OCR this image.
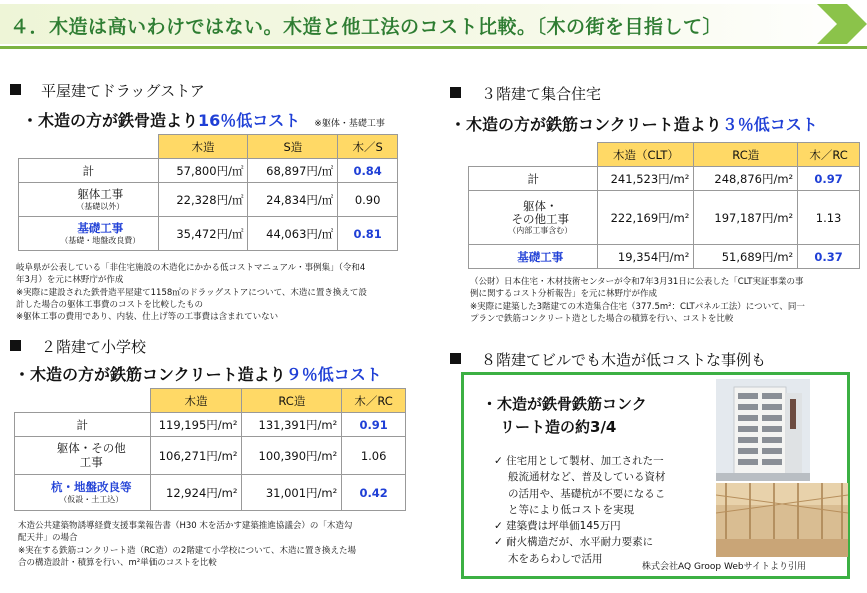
４．木造は高いわけではない。木造と他工法のコスト比較。〔木の街を目指して〕
平屋建てドラッグストア
・木造の方が鉄骨造より16％低コスト ※躯体・基礎工事
	木造	S造	木／S
計	57,800円/㎡	68,897円/㎡	0.84
躯体工事
（基礎以外）	22,328円/㎡	24,834円/㎡	0.90
基礎工事
（基礎・地盤改良費）	35,472円/㎡	44,063円/㎡	0.81
岐阜県が公表している「非住宅施設の木造化にかかる低コストマニュアル・事例集」（令和4
年3月）を元に林野庁が作成
※実際に建設された鉄骨造平屋建て1158㎡のドラッグストアについて、木造に置き換えて設
計した場合の躯体工事費のコストを比較したもの
※躯体工事の費用であり、内装、仕上げ等の工事費は含まれていない
２階建て小学校
・木造の方が鉄筋コンクリート造より９％低コスト
	木造	RC造	木／RC
計	119,195円/m²	131,391円/m²	0.91
躯体・その他
工事	106,271円/m²	100,390円/m²	1.06
杭・地盤改良等
（仮設・土工込）	12,924円/m²	31,001円/m²	0.42
木造公共建築物誘導経費支援事業報告書（H30 木を活かす建築推進協議会）の「木造勾
配天井」の場合
※実在する鉄筋コンクリート造（RC造）の2階建て小学校について、木造に置き換えた場
合の構造設計・積算を行い、m²単価のコストを比較
３階建て集合住宅
・木造の方が鉄筋コンクリート造より３％低コスト
	木造（CLT）	RC造	木／RC
計	241,523円/m²	248,876円/m²	0.97
躯体・
その他工事
（内部工事含む）	222,169円/m²	197,187円/m²	1.13
基礎工事	19,354円/m²	51,689円/m²	0.37
（公財）日本住宅・木材技術センターが令和7年3月31日に公表した「CLT実証事業の事
例に関するコスト分析報告」を元に林野庁が作成
※実際に建築した3階建ての木造集合住宅（377.5m²：CLTパネル工法）について、同一
プランで鉄筋コンクリート造とした場合の積算を行い、コストを比較
８階建てビルでも木造が低コストな事例も
・木造が鉄骨鉄筋コンク
リート造の約3/4
✓ 住宅用として製材、加工された一
般流通材など、普及している資材
の活用や、基礎杭が不要になるこ
と等により低コストを実現
✓ 建築費は坪単価145万円
✓ 耐火構造だが、水平耐力要素に
木をあらわしで活用
株式会社AQ Groop Webサイトより引用
